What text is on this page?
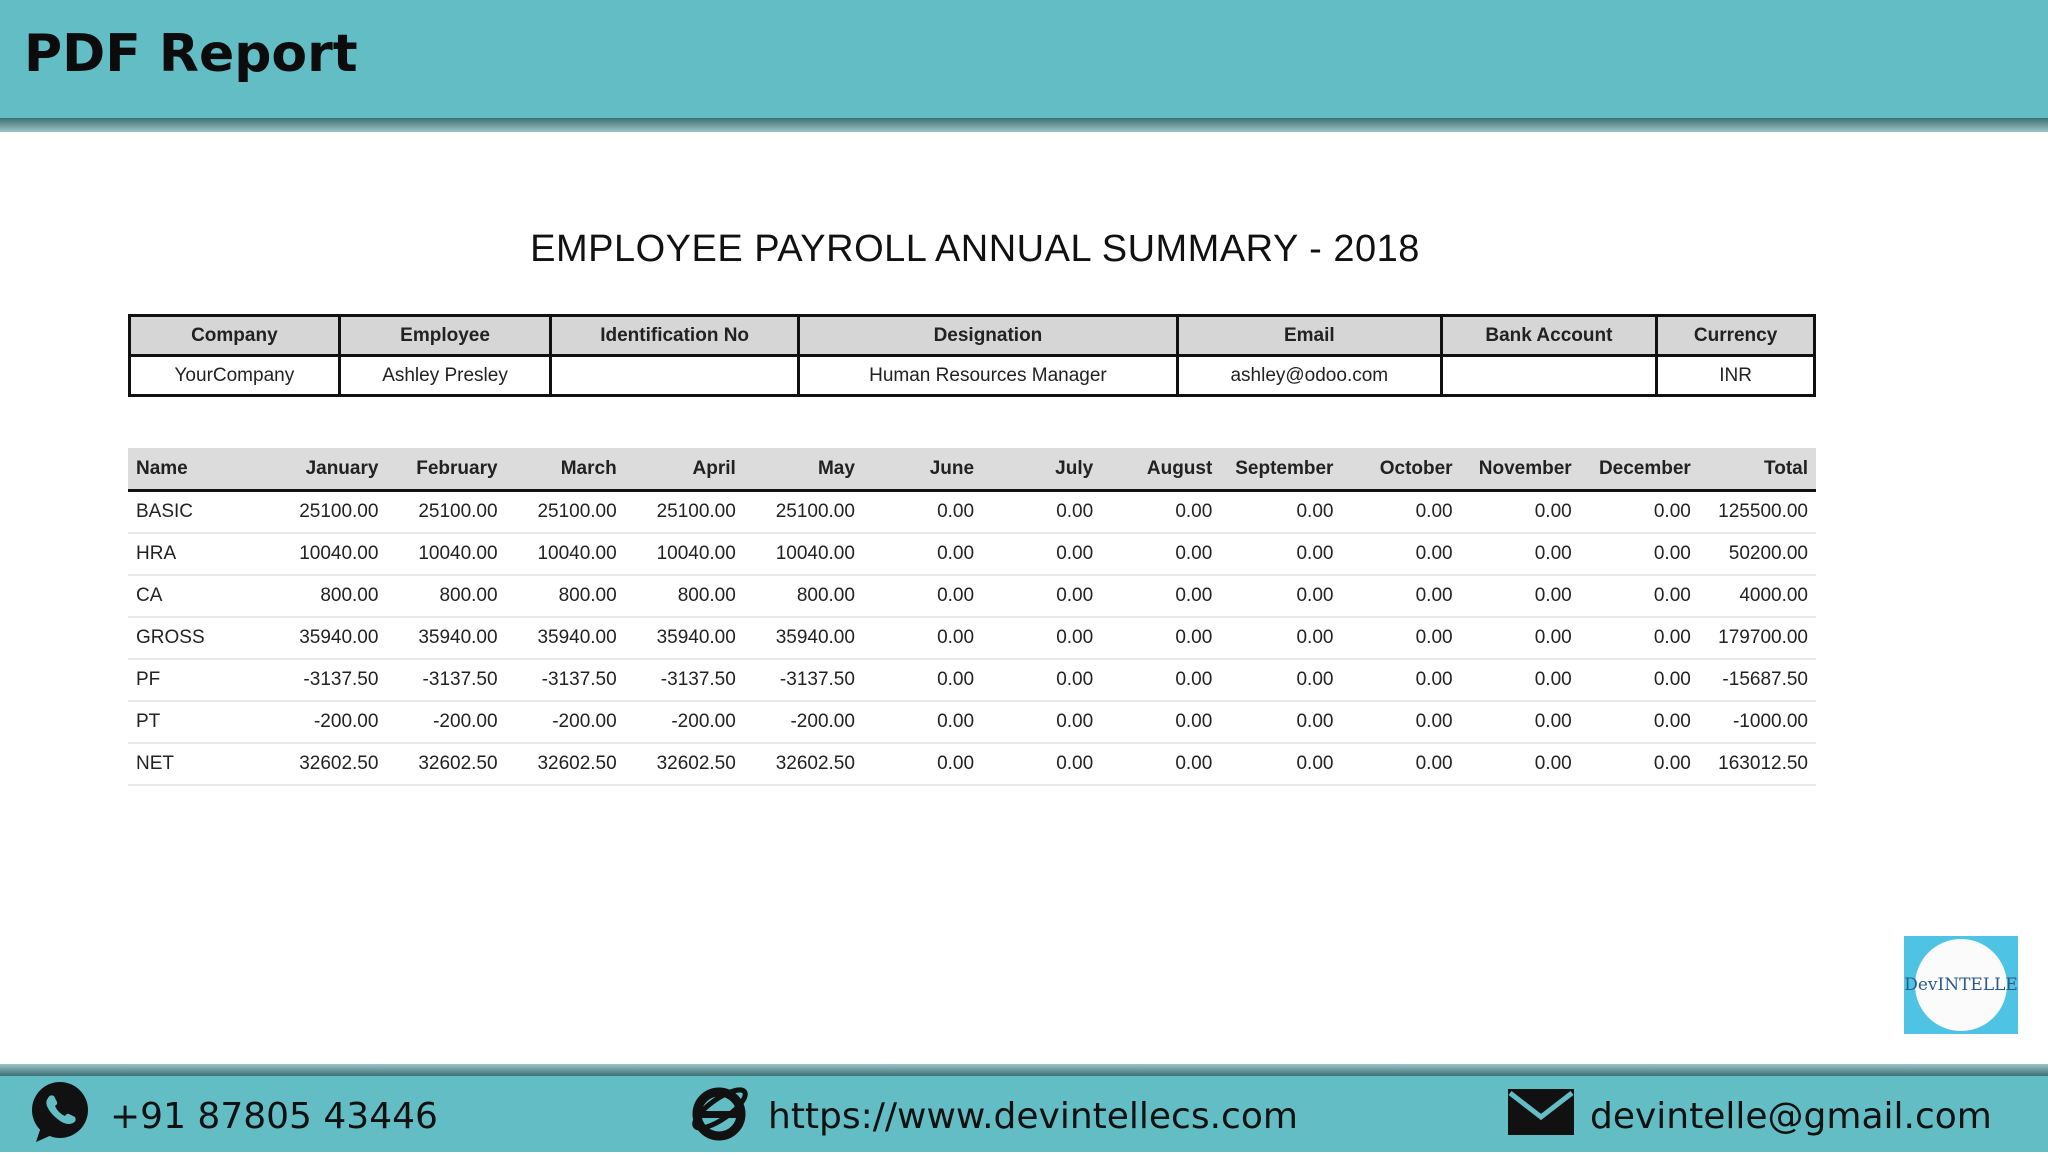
PDF Report
EMPLOYEE PAYROLL ANNUAL SUMMARY - 2018
Company	Employee	Identification No	Designation	Email	Bank Account	Currency
YourCompany	Ashley Presley		Human Resources Manager	ashley@odoo.com		INR
Name	January	February	March	April	May	June	July	August	September	October	November	December	Total
BASIC	25100.00	25100.00	25100.00	25100.00	25100.00	0.00	0.00	0.00	0.00	0.00	0.00	0.00	125500.00
HRA	10040.00	10040.00	10040.00	10040.00	10040.00	0.00	0.00	0.00	0.00	0.00	0.00	0.00	50200.00
CA	800.00	800.00	800.00	800.00	800.00	0.00	0.00	0.00	0.00	0.00	0.00	0.00	4000.00
GROSS	35940.00	35940.00	35940.00	35940.00	35940.00	0.00	0.00	0.00	0.00	0.00	0.00	0.00	179700.00
PF	-3137.50	-3137.50	-3137.50	-3137.50	-3137.50	0.00	0.00	0.00	0.00	0.00	0.00	0.00	-15687.50
PT	-200.00	-200.00	-200.00	-200.00	-200.00	0.00	0.00	0.00	0.00	0.00	0.00	0.00	-1000.00
NET	32602.50	32602.50	32602.50	32602.50	32602.50	0.00	0.00	0.00	0.00	0.00	0.00	0.00	163012.50
DevINTELLE
+91 87805 43446	https://www.devintellecs.com	devintelle@gmail.com
